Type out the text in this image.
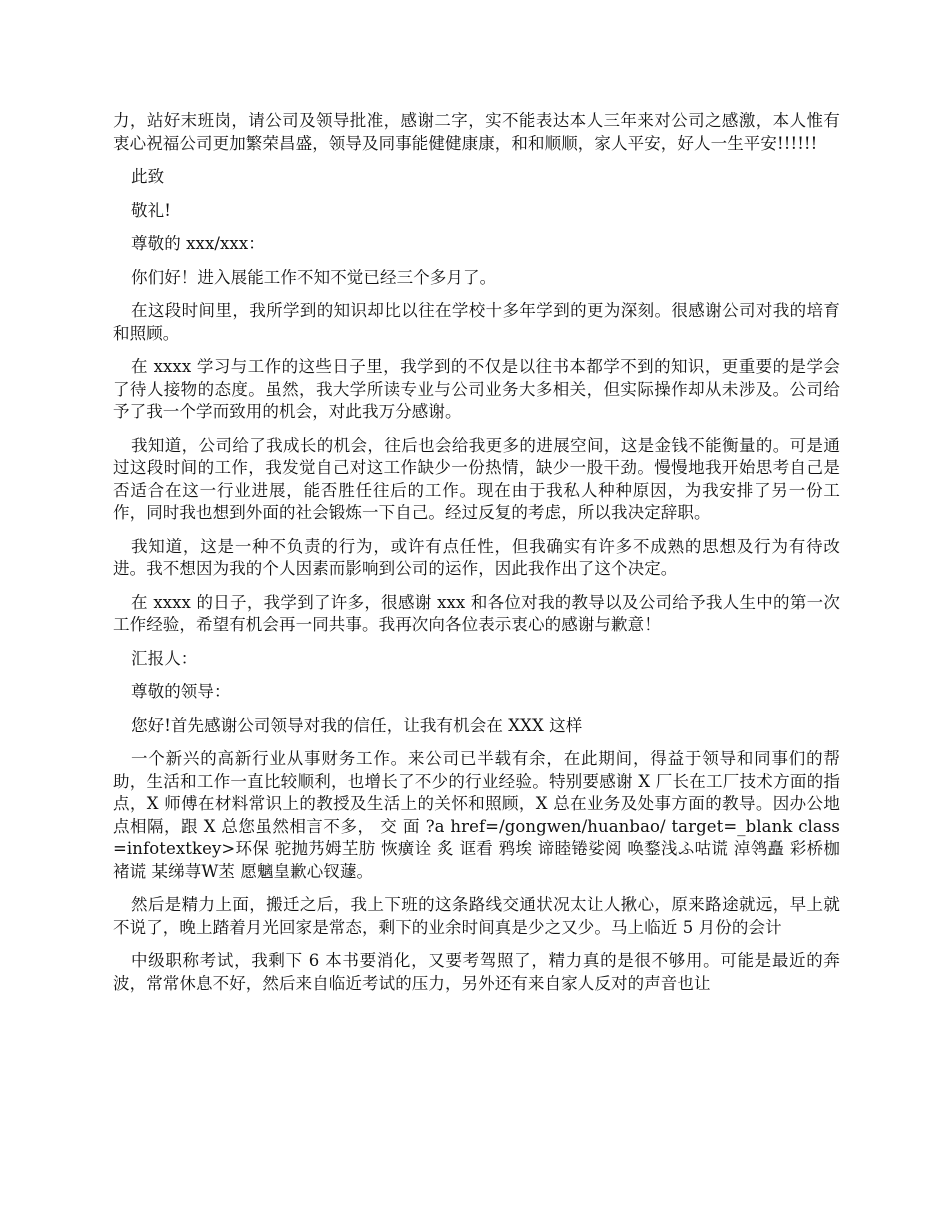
力，站好末班岗，请公司及领导批准，感谢二字，实不能表达本人三年来对公司之感激，本人惟有衷心祝福公司更加繁荣昌盛，领导及同事能健健康康，和和顺顺，家人平安，好人一生平安!!!!!!

此致

敬礼!

尊敬的 xxx/xxx：

你们好！进入展能工作不知不觉已经三个多月了。

在这段时间里，我所学到的知识却比以往在学校十多年学到的更为深刻。很感谢公司对我的培育和照顾。

在 xxxx 学习与工作的这些日子里，我学到的不仅是以往书本都学不到的知识，更重要的是学会了待人接物的态度。虽然，我大学所读专业与公司业务大多相关，但实际操作却从未涉及。公司给予了我一个学而致用的机会，对此我万分感谢。

我知道，公司给了我成长的机会，往后也会给我更多的进展空间，这是金钱不能衡量的。可是通过这段时间的工作，我发觉自己对这工作缺少一份热情，缺少一股干劲。慢慢地我开始思考自己是否适合在这一行业进展，能否胜任往后的工作。现在由于我私人种种原因，为我安排了另一份工作，同时我也想到外面的社会锻炼一下自己。经过反复的考虑，所以我决定辞职。

我知道，这是一种不负责的行为，或许有点任性，但我确实有许多不成熟的思想及行为有待改进。我不想因为我的个人因素而影响到公司的运作，因此我作出了这个决定。

在 xxxx 的日子，我学到了许多，很感谢 xxx 和各位对我的教导以及公司给予我人生中的第一次工作经验，希望有机会再一同共事。我再次向各位表示衷心的感谢与歉意！

汇报人：

尊敬的领导：

您好!首先感谢公司领导对我的信任，让我有机会在 XXX 这样

一个新兴的高新行业从事财务工作。来公司已半载有余，在此期间，得益于领导和同事们的帮助，生活和工作一直比较顺利，也增长了不少的行业经验。特别要感谢 X 厂长在工厂技术方面的指点，X 师傅在材料常识上的教授及生活上的关怀和照顾，X 总在业务及处事方面的教导。因办公地点相隔，跟 X 总您虽然相言不多， 交 面 ?a href=/gongwen/huanbao/ target=_blank class=infotextkey>环保 驼抛艿姆芏肪 恢癀诠 炙 诓看 鸦埃 谛睦锩娑阅 唤鍪浅ふ咕谎 淖鸰矗 彩桥枷褚谎 某绨荨W苤 愿魑皇歉心钗蘧。

然后是精力上面，搬迁之后，我上下班的这条路线交通状况太让人揪心，原来路途就远，早上就不说了，晚上踏着月光回家是常态，剩下的业余时间真是少之又少。马上临近 5 月份的会计

中级职称考试，我剩下 6 本书要消化，又要考驾照了，精力真的是很不够用。可能是最近的奔波，常常休息不好，然后来自临近考试的压力，另外还有来自家人反对的声音也让
